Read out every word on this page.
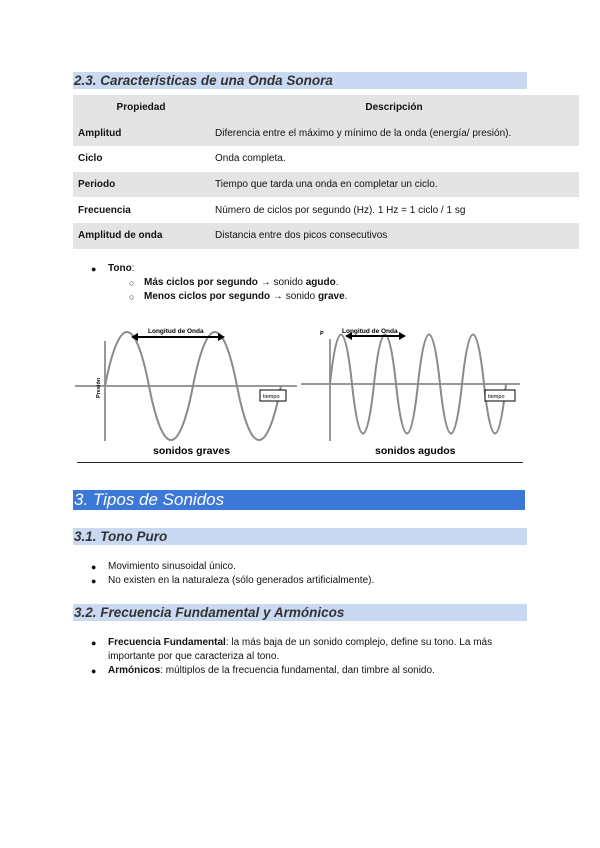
2.3. Características de una Onda Sonora
Propiedad	Descripción
Amplitud	Diferencia entre el máximo y mínimo de la onda (energía/ presión).
Ciclo	Onda completa.
Periodo	Tiempo que tarda una onda en completar un ciclo.
Frecuencia	Número de ciclos por segundo (Hz). 1 Hz = 1 ciclo / 1 sg
Amplitud de onda	Distancia entre dos picos consecutivos
● Tono:
○ Más ciclos por segundo → sonido agudo.
○ Menos ciclos por segundo → sonido grave.
Longitud de Onda
Presión	tiempo
sonidos graves
Longitud de Onda
P
tiempo
sonidos agudos
3. Tipos de Sonidos
3.1. Tono Puro
● Movimiento sinusoidal único.
● No existen en la naturaleza (sólo generados artificialmente).
3.2. Frecuencia Fundamental y Armónicos
● Frecuencia Fundamental: la más baja de un sonido complejo, define su tono. La más importante por que caracteriza al tono.
● Armónicos: múltiplos de la frecuencia fundamental, dan timbre al sonido.
